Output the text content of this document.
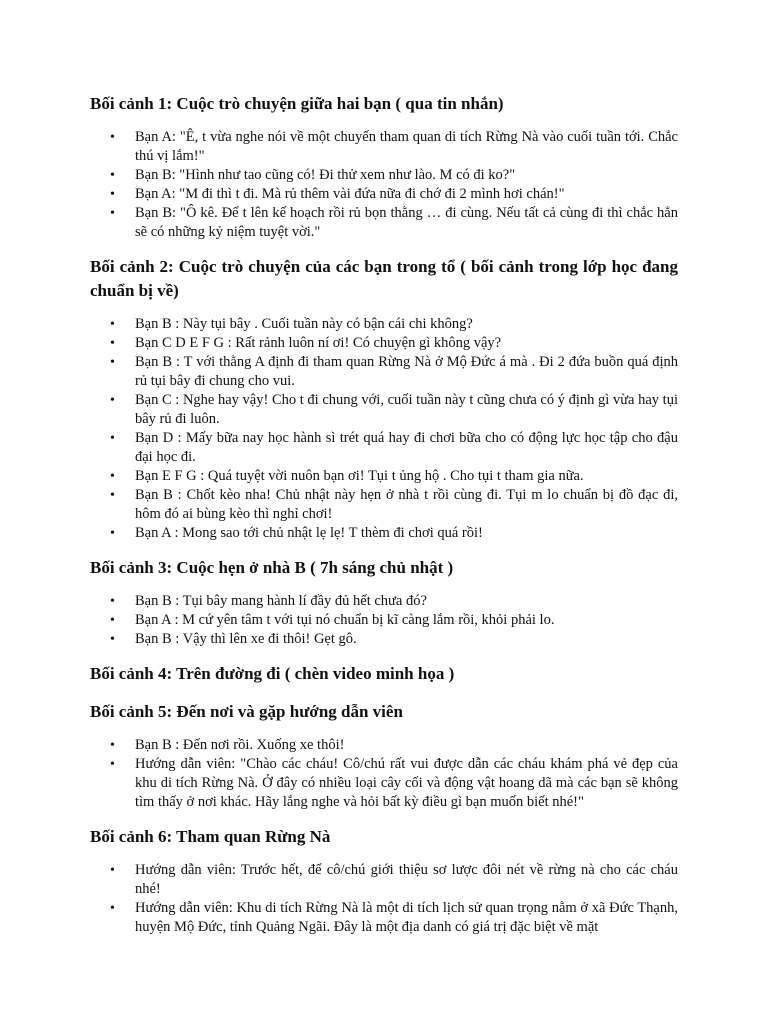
Bối cảnh 1: Cuộc trò chuyện giữa hai bạn ( qua tin nhắn)
• Bạn A: "Ê, t vừa nghe nói về một chuyến tham quan di tích Rừng Nà vào cuối tuần tới. Chắc thú vị lắm!"
• Bạn B: "Hình như tao cũng có! Đi thử xem như lào. M có đi ko?"
• Bạn A: "M đi thì t đi. Mà rủ thêm vài đứa nữa đi chớ đi 2 mình hơi chán!"
• Bạn B: "Ô kê. Để t lên kế hoạch rồi rủ bọn thằng … đi cùng. Nếu tất cả cùng đi thì chắc hẳn sẽ có những kỷ niệm tuyệt vời."
Bối cảnh 2: Cuộc trò chuyện của các bạn trong tổ ( bối cảnh trong lớp học đang chuẩn bị về)
• Bạn B : Này tụi bây . Cuối tuần này có bận cái chi không?
• Bạn C D E F G : Rất rảnh luôn ní ơi! Có chuyện gì không vậy?
• Bạn B : T với thằng A định đi tham quan Rừng Nà ở Mộ Đức á mà . Đi 2 đứa buồn quá định rủ tụi bây đi chung cho vui.
• Bạn C : Nghe hay vậy! Cho t đi chung với, cuối tuần này t cũng chưa có ý định gì vừa hay tụi bây rủ đi luôn.
• Bạn D : Mấy bữa nay học hành sì trét quá hay đi chơi bữa cho có động lực học tập cho đậu đại học đi.
• Bạn E F G : Quá tuyệt vời nuôn bạn ơi! Tụi t ủng hộ . Cho tụi t tham gia nữa.
• Bạn B : Chốt kèo nha! Chủ nhật này hẹn ở nhà t rồi cùng đi. Tụi m lo chuẩn bị đồ đạc đi, hôm đó ai bùng kèo thì nghỉ chơi!
• Bạn A : Mong sao tới chủ nhật lẹ lẹ! T thèm đi chơi quá rồi!
Bối cảnh 3: Cuộc hẹn ở nhà B ( 7h sáng chủ nhật )
• Bạn B : Tụi bây mang hành lí đầy đủ hết chưa đó?
• Bạn A : M cứ yên tâm t với tụi nó chuẩn bị kĩ càng lắm rồi, khỏi phải lo.
• Bạn B : Vậy thì lên xe đi thôi! Gẹt gô.
Bối cảnh 4: Trên đường đi ( chèn video minh họa )
Bối cảnh 5: Đến nơi và gặp hướng dẫn viên
• Bạn B : Đến nơi rồi. Xuống xe thôi!
• Hướng dẫn viên: "Chào các cháu! Cô/chú rất vui được dẫn các cháu khám phá vẻ đẹp của khu di tích Rừng Nà. Ở đây có nhiều loại cây cối và động vật hoang dã mà các bạn sẽ không tìm thấy ở nơi khác. Hãy lắng nghe và hỏi bất kỳ điều gì bạn muốn biết nhé!"
Bối cảnh 6: Tham quan Rừng Nà
• Hướng dẫn viên: Trước hết, để cô/chú giới thiệu sơ lược đôi nét về rừng nà cho các cháu nhé!
• Hướng dẫn viên: Khu di tích Rừng Nà là một di tích lịch sử quan trọng nằm ở xã Đức Thạnh, huyện Mộ Đức, tỉnh Quảng Ngãi. Đây là một địa danh có giá trị đặc biệt về mặt
